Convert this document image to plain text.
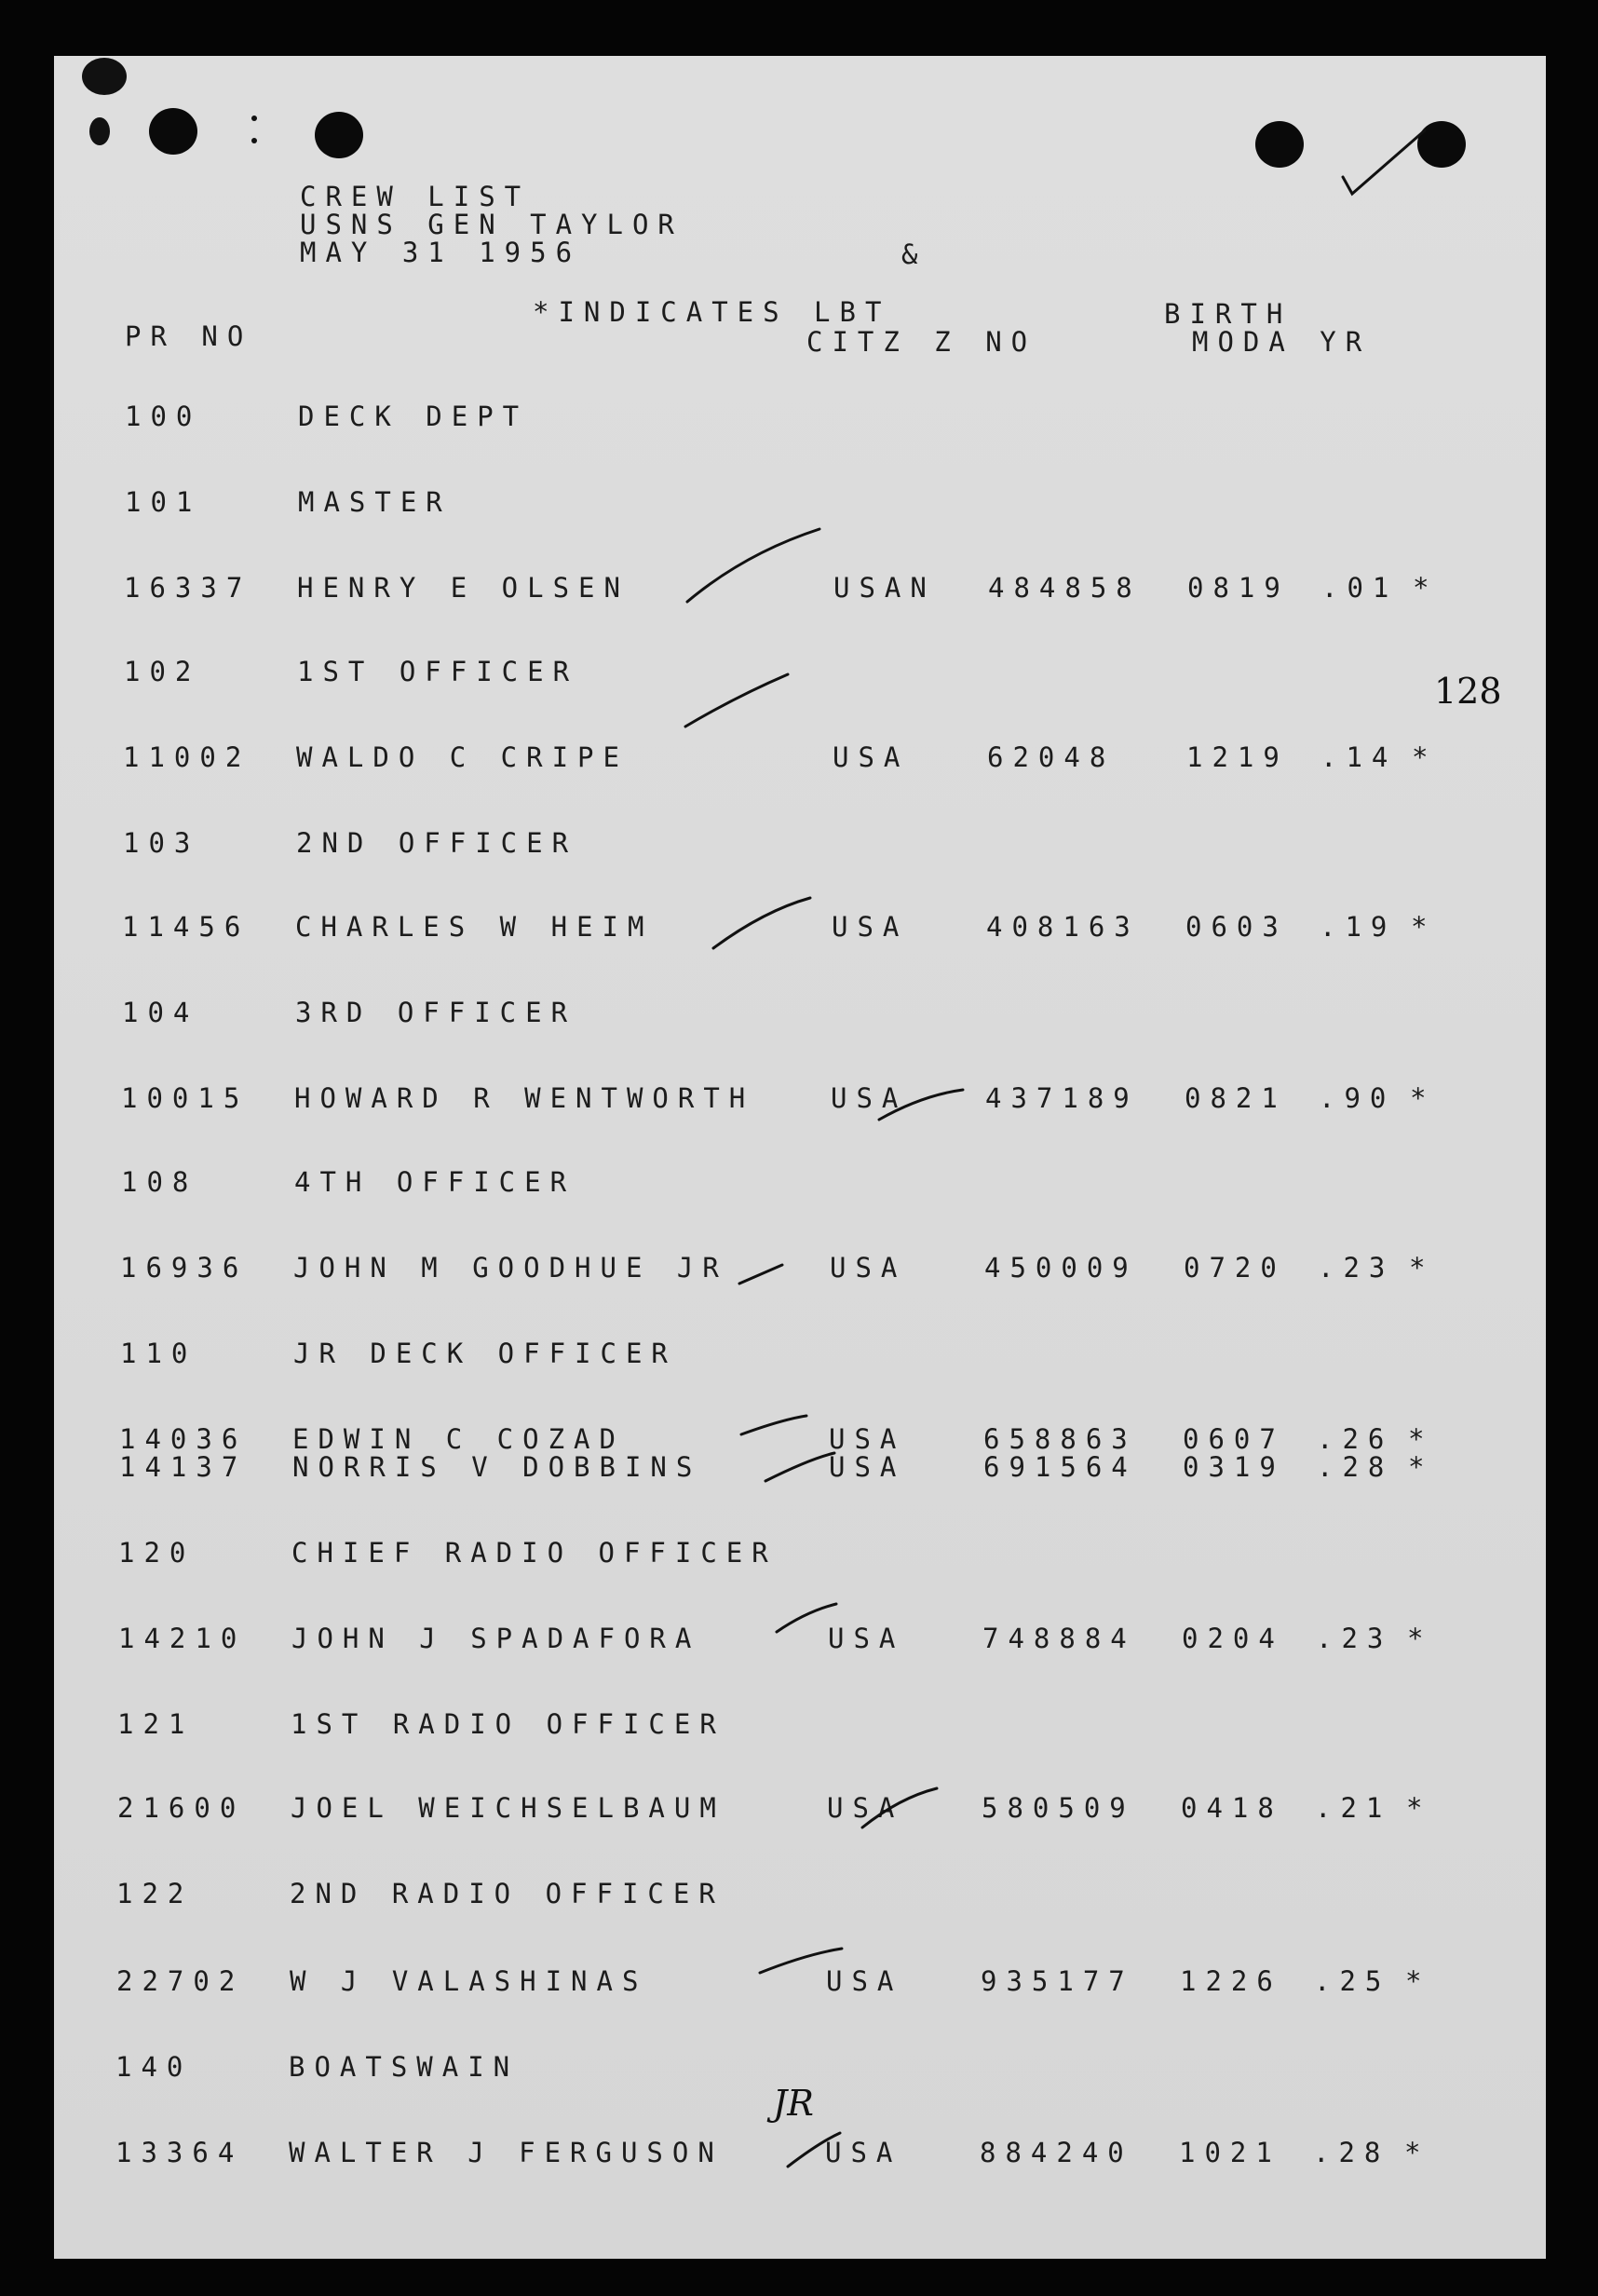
CREW LIST
USNS GEN TAYLOR
MAY 31 1956	&
*INDICATES LBT
PR NO	CITZ Z NO
BIRTH
MODA YR
128
100	DECK DEPT
101	MASTER
16337 HENRY E OLSEN	USAN 484858 0819 .01 *
102	1ST OFFICER
11002 WALDO C CRIPE	USA	62048	1219 .14 *
103	2ND OFFICER
11456 CHARLES W HEIM	USA	408163 0603 .19 *
104	3RD OFFICER
10015 HOWARD R WENTWORTH	USA	437189 0821 .90 *
108	4TH OFFICER
16936 JOHN M GOODHUE JR	USA	450009 0720 .23 *
110	JR DECK OFFICER
14036 EDWIN C COZAD	USA	658863 0607 .26 *
14137 NORRIS V DOBBINS	USA	691564 0319 .28 *
120	CHIEF RADIO OFFICER
14210 JOHN J SPADAFORA	USA	748884 0204 .23 *
121	1ST RADIO OFFICER
21600 JOEL WEICHSELBAUM	USA	580509 0418 .21 *
122	2ND RADIO OFFICER
22702 W J VALASHINAS	USA	935177 1226 .25 *
140	BOATSWAIN
13364 WALTER J FERGUSON	USA	884240 1021 .28 *
JR
